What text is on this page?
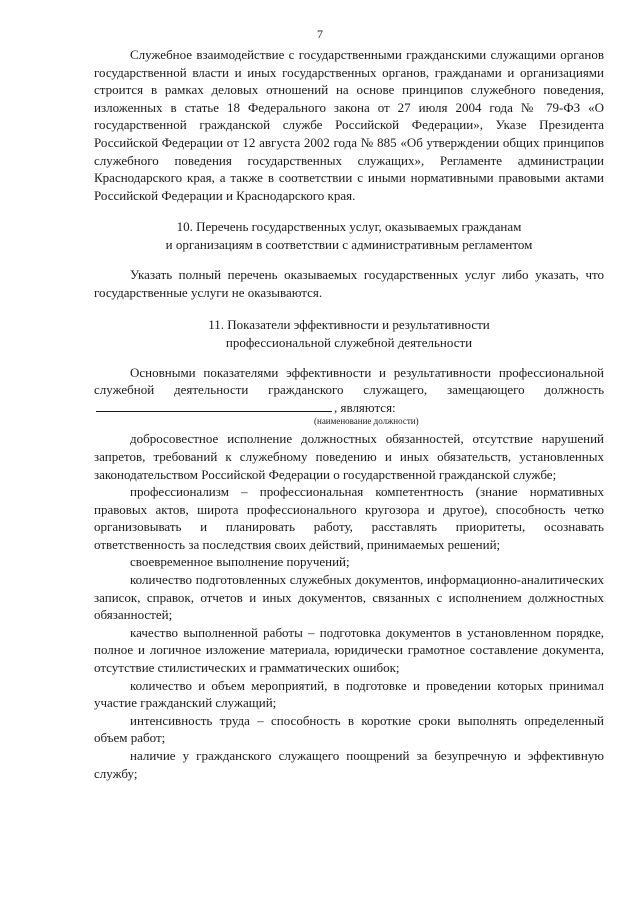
7

Служебное взаимодействие с государственными гражданскими служащими органов государственной власти и иных государственных органов, гражданами и организациями строится в рамках деловых отношений на основе принципов служебного поведения, изложенных в статье 18 Федерального закона от 27 июля 2004 года № 79-ФЗ «О государственной гражданской службе Российской Федерации», Указе Президента Российской Федерации от 12 августа 2002 года № 885 «Об утверждении общих принципов служебного поведения государственных служащих», Регламенте администрации Краснодарского края, а также в соответствии с иными нормативными правовыми актами Российской Федерации и Краснодарского края.

10. Перечень государственных услуг, оказываемых гражданам
и организациям в соответствии с административным регламентом

Указать полный перечень оказываемых государственных услуг либо указать, что государственные услуги не оказываются.

11. Показатели эффективности и результативности
профессиональной служебной деятельности

Основными показателями эффективности и результативности профессиональной служебной деятельности гражданского служащего, замещающего должность, являются:

(наименование должности)

добросовестное исполнение должностных обязанностей, отсутствие нарушений запретов, требований к служебному поведению и иных обязательств, установленных законодательством Российской Федерации о государственной гражданской службе;

профессионализм – профессиональная компетентность (знание нормативных правовых актов, широта профессионального кругозора и другое), способность четко организовывать и планировать работу, расставлять приоритеты, осознавать ответственность за последствия своих действий, принимаемых решений;

своевременное выполнение поручений;

количество подготовленных служебных документов, информационно-аналитических записок, справок, отчетов и иных документов, связанных с исполнением должностных обязанностей;

качество выполненной работы – подготовка документов в установленном порядке, полное и логичное изложение материала, юридически грамотное составление документа, отсутствие стилистических и грамматических ошибок;

количество и объем мероприятий, в подготовке и проведении которых принимал участие гражданский служащий;

интенсивность труда – способность в короткие сроки выполнять определенный объем работ;

наличие у гражданского служащего поощрений за безупречную и эффективную службу;
